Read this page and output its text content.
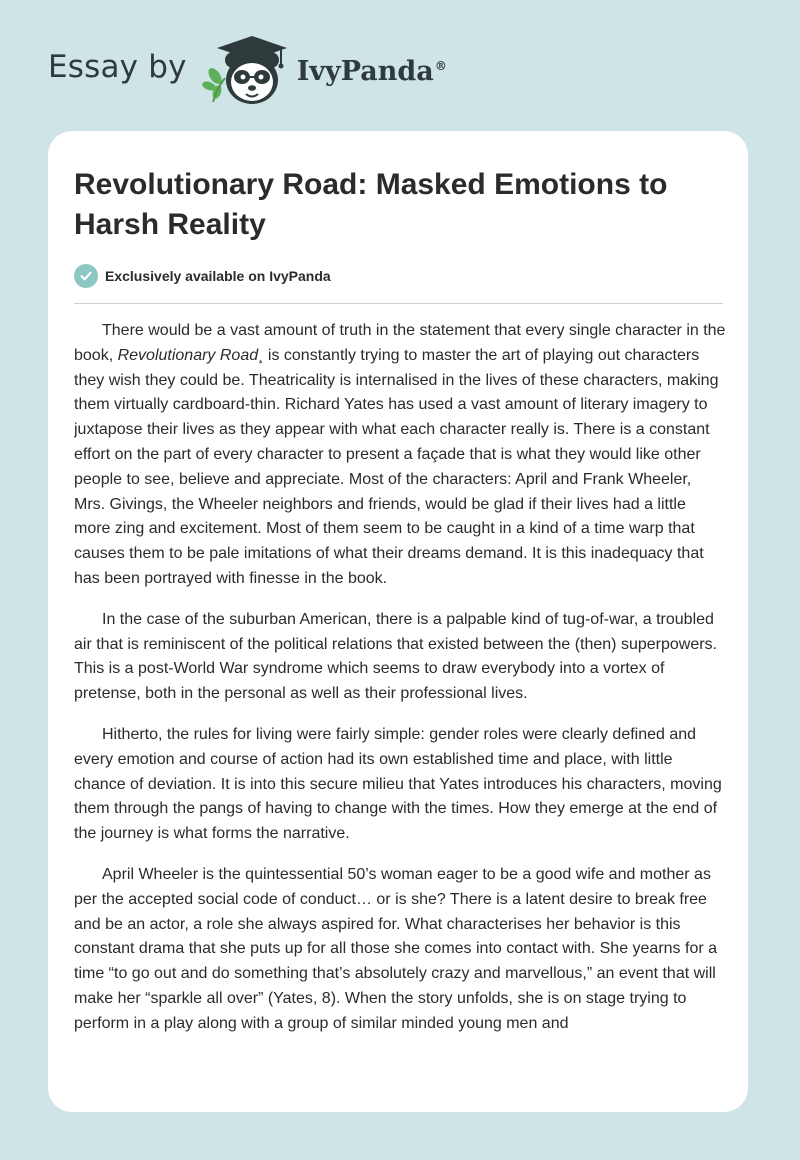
Essay by	IvyPanda®
Revolutionary Road: Masked Emotions to Harsh Reality
Exclusively available on IvyPanda

There would be a vast amount of truth in the statement that every single character in the book, Revolutionary Road¸ is constantly trying to master the art of playing out characters they wish they could be. Theatricality is internalised in the lives of these characters, making them virtually cardboard-thin. Richard Yates has used a vast amount of literary imagery to juxtapose their lives as they appear with what each character really is. There is a constant effort on the part of every character to present a façade that is what they would like other people to see, believe and appreciate. Most of the characters: April and Frank Wheeler, Mrs. Givings, the Wheeler neighbors and friends, would be glad if their lives had a little more zing and excitement. Most of them seem to be caught in a kind of a time warp that causes them to be pale imitations of what their dreams demand. It is this inadequacy that has been portrayed with finesse in the book.

In the case of the suburban American, there is a palpable kind of tug-of-war, a troubled air that is reminiscent of the political relations that existed between the (then) superpowers. This is a post-World War syndrome which seems to draw everybody into a vortex of pretense, both in the personal as well as their professional lives.

Hitherto, the rules for living were fairly simple: gender roles were clearly defined and every emotion and course of action had its own established time and place, with little chance of deviation. It is into this secure milieu that Yates introduces his characters, moving them through the pangs of having to change with the times. How they emerge at the end of the journey is what forms the narrative.

April Wheeler is the quintessential 50’s woman eager to be a good wife and mother as per the accepted social code of conduct… or is she? There is a latent desire to break free and be an actor, a role she always aspired for. What characterises her behavior is this constant drama that she puts up for all those she comes into contact with. She yearns for a time “to go out and do something that’s absolutely crazy and marvellous,” an event that will make her “sparkle all over” (Yates, 8). When the story unfolds, she is on stage trying to perform in a play along with a group of similar minded young men and
